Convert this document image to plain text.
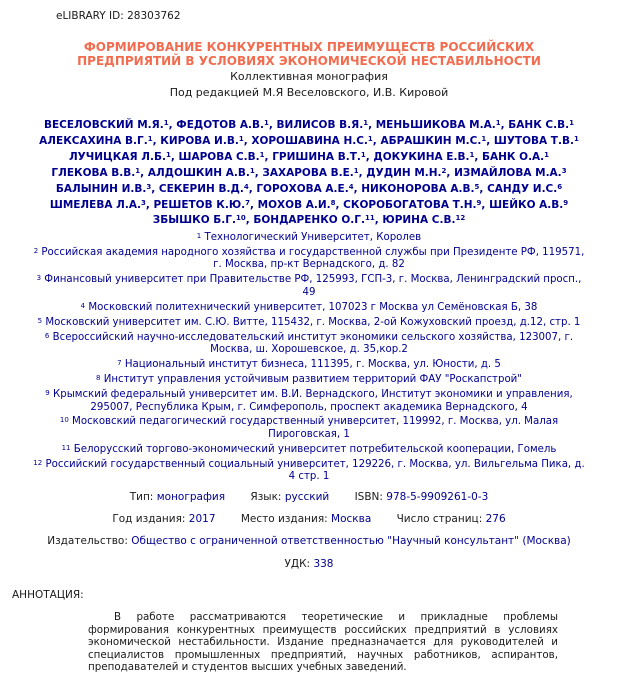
eLIBRARY ID: 28303762
ФОРМИРОВАНИЕ КОНКУРЕНТНЫХ ПРЕИМУЩЕСТВ РОССИЙСКИХ
ПРЕДПРИЯТИЙ В УСЛОВИЯХ ЭКОНОМИЧЕСКОЙ НЕСТАБИЛЬНОСТИ
Коллективная монография
Под редакцией М.Я Веселовского, И.В. Кировой
ВЕСЕЛОВСКИЙ М.Я.$^1$, ФЕДОТОВ А.В.$^1$, ВИЛИСОВ В.Я.$^1$, МЕНЬШИКОВА М.А.$^1$, БАНК С.В.$^1$
АЛЕКСАХИНА В.Г.$^1$, КИРОВА И.В.$^1$, ХОРОШАВИНА Н.С.$^1$, АБРАШКИН М.С.$^1$, ШУТОВА Т.В.$^1$
ЛУЧИЦКАЯ Л.Б.$^1$, ШАРОВА С.В.$^1$, ГРИШИНА В.Т.$^1$, ДОКУКИНА Е.В.$^1$, БАНК О.А.$^1$
ГЛЕКОВА В.В.$^1$, АЛДОШКИН А.В.$^1$, ЗАХАРОВА В.Е.$^1$, ДУДИН М.Н.$^2$, ИЗМАЙЛОВА М.А.$^3$
БАЛЫНИН И.В.$^3$, СЕКЕРИН В.Д.$^4$, ГОРОХОВА А.Е.$^4$, НИКОНОРОВА А.В.$^5$, САНДУ И.С.$^6$
ШМЕЛЕВА Л.А.$^3$, РЕШЕТОВ К.Ю.$^7$, МОХОВ А.И.$^8$, СКОРОБОГАТОВА Т.Н.$^9$, ШЕЙКО А.В.$^9$
ЗБЫШКО Б.Г.$^{10}$, БОНДАРЕНКО О.Г.$^{11}$, ЮРИНА С.В.$^{12}$
$^1$ Технологический Университет, Королев
$^2$ Российская академия народного хозяйства и государственной службы при Президенте РФ, 119571, г. Москва, пр-кт Вернадского, д. 82
$^3$ Финансовый университет при Правительстве РФ, 125993, ГСП-3, г. Москва, Ленинградский просп., 49
$^4$ Московский политехнический университет, 107023 г Москва ул Семёновская Б, 38
$^5$ Московский университет им. С.Ю. Витте, 115432, г. Москва, 2-ой Кожуховский проезд, д.12, стр. 1
$^6$ Всероссийский научно-исследовательский институт экономики сельского хозяйства, 123007, г. Москва, ш. Хорошевское, д. 35,кор.2
$^7$ Национальный институт бизнеса, 111395, г. Москва, ул. Юности, д. 5
$^8$ Институт управления устойчивым развитием территорий ФАУ "Роскапстрой"
$^9$ Крымский федеральный университет им. В.И. Вернадского, Институт экономики и управления, 295007, Республика Крым, г. Симферополь, проспект академика Вернадского, 4
$^{10}$ Московский педагогический государственный университет, 119992, г. Москва, ул. Малая Пироговская, 1
$^{11}$ Белорусский торгово-экономический университет потребительской кооперации, Гомель
$^{12}$ Российский государственный социальный университет, 129226, г. Москва, ул. Вильгельма Пика, д. 4 стр. 1
Тип: монография Язык: русский ISBN: 978-5-9909261-0-3
Год издания: 2017 Место издания: Москва Число страниц: 276
Издательство: Общество с ограниченной ответственностью "Научный консультант" (Москва)
УДК: 338
АННОТАЦИЯ:
В работе рассматриваются теоретические и прикладные проблемы формирования конкурентных преимуществ российских предприятий в условиях экономической нестабильности. Издание предназначается для руководителей и специалистов промышленных предприятий, научных работников, аспирантов, преподавателей и студентов высших учебных заведений.
